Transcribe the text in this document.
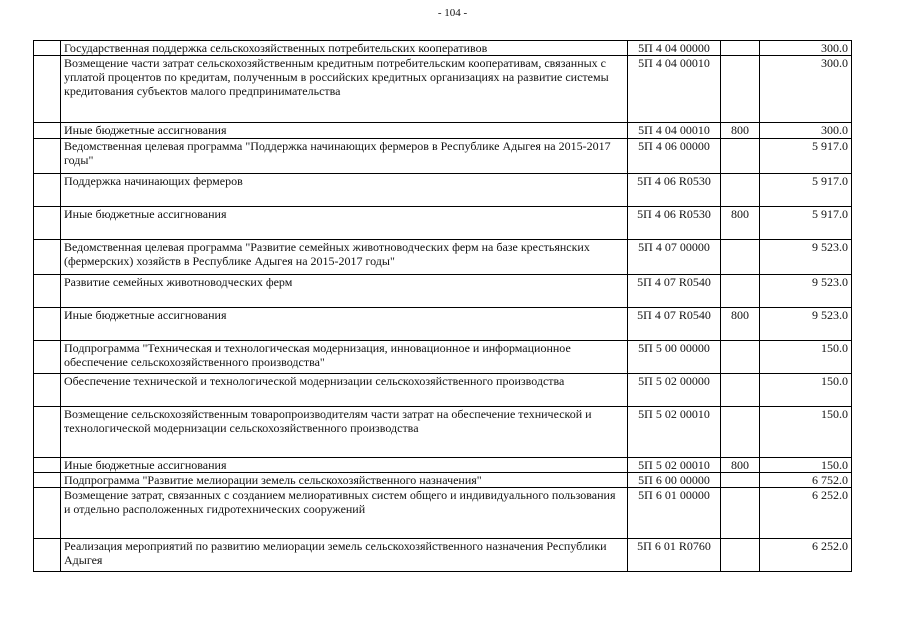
- 104 -
	Государственная поддержка сельскохозяйственных потребительских кооперативов	5П 4 04 00000		300.0
	Возмещение части затрат сельскохозяйственным кредитным потребительским кооперативам, связанных с уплатой процентов по кредитам, полученным в российских кредитных организациях на развитие системы кредитования субъектов малого предпринимательства	5П 4 04 00010		300.0
	Иные бюджетные ассигнования	5П 4 04 00010	800	300.0
	Ведомственная целевая программа "Поддержка начинающих фермеров в Республике Адыгея на 2015-2017 годы"	5П 4 06 00000		5 917.0
	Поддержка начинающих фермеров	5П 4 06 R0530		5 917.0
	Иные бюджетные ассигнования	5П 4 06 R0530	800	5 917.0
	Ведомственная целевая программа "Развитие семейных животноводческих ферм на базе крестьянских (фермерских) хозяйств в Республике Адыгея на 2015-2017 годы"	5П 4 07 00000		9 523.0
	Развитие семейных животноводческих ферм	5П 4 07 R0540		9 523.0
	Иные бюджетные ассигнования	5П 4 07 R0540	800	9 523.0
	Подпрограмма "Техническая и технологическая модернизация, инновационное и информационное обеспечение сельскохозяйственного производства"	5П 5 00 00000		150.0
	Обеспечение технической и технологической модернизации сельскохозяйственного производства	5П 5 02 00000		150.0
	Возмещение сельскохозяйственным товаропроизводителям части затрат на обеспечение технической и технологической модернизации сельскохозяйственного производства	5П 5 02 00010		150.0
	Иные бюджетные ассигнования	5П 5 02 00010	800	150.0
	Подпрограмма "Развитие мелиорации земель сельскохозяйственного назначения"	5П 6 00 00000		6 752.0
	Возмещение затрат, связанных с созданием мелиоративных систем общего и индивидуального пользования и отдельно расположенных гидротехнических сооружений	5П 6 01 00000		6 252.0
	Реализация мероприятий по развитию мелиорации земель сельскохозяйственного назначения Республики Адыгея	5П 6 01 R0760		6 252.0
